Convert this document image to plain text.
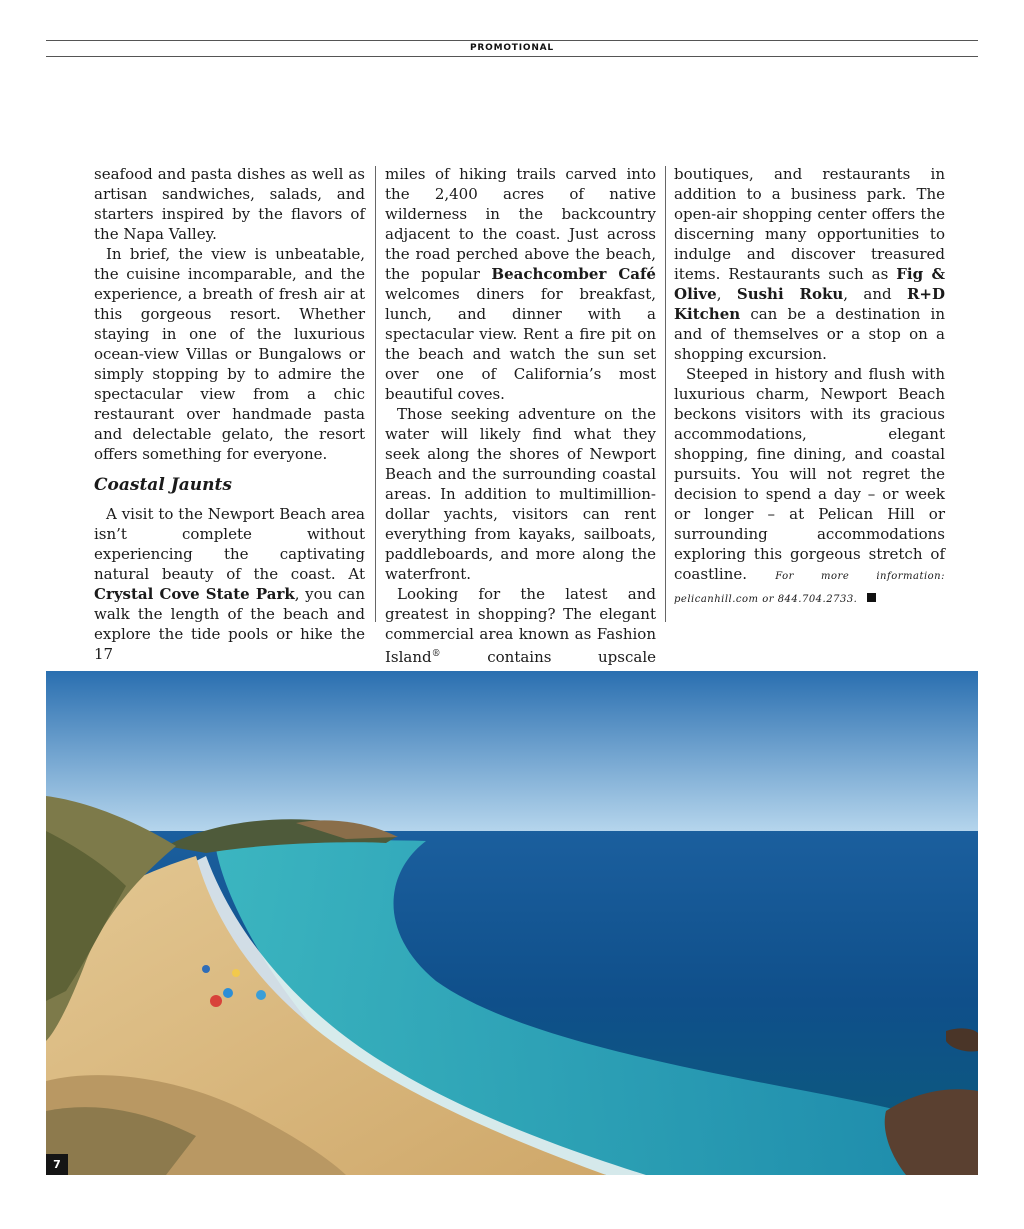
PROMOTIONAL

seafood and pasta dishes as well as artisan sandwiches, salads, and starters inspired by the flavors of the Napa Valley.

In brief, the view is unbeatable, the cuisine incomparable, and the experience, a breath of fresh air at this gorgeous resort. Whether staying in one of the luxurious ocean-view Villas or Bungalows or simply stopping by to admire the spectacular view from a chic restaurant over handmade pasta and delectable gelato, the resort offers something for everyone.

Coastal Jaunts

A visit to the Newport Beach area isn’t complete without experiencing the captivating natural beauty of the coast. At Crystal Cove State Park, you can walk the length of the beach and explore the tide pools or hike the 17

miles of hiking trails carved into the 2,400 acres of native wilderness in the backcountry adjacent to the coast. Just across the road perched above the beach, the popular Beachcomber Café welcomes diners for breakfast, lunch, and dinner with a spectacular view. Rent a fire pit on the beach and watch the sun set over one of California’s most beautiful coves.

Those seeking adventure on the water will likely find what they seek along the shores of Newport Beach and the surrounding coastal areas. In addition to multimillion-dollar yachts, visitors can rent everything from kayaks, sailboats, paddleboards, and more along the waterfront.

Looking for the latest and greatest in shopping? The elegant commercial area known as Fashion Island®	contains upscale

boutiques, and restaurants in addition to a business park. The open-air shopping center offers the discerning many opportunities to indulge and discover treasured items. Restaurants such as Fig & Olive, Sushi Roku, and R+D Kitchen can be a destination in and of themselves or a stop on a shopping excursion.

Steeped in history and flush with luxurious charm, Newport Beach beckons visitors with its gracious accommodations, elegant shopping, fine dining, and coastal pursuits. You will not regret the decision to spend a day – or week or longer – at Pelican Hill or surrounding accommodations exploring this gorgeous stretch of coastline.	For more information: pelicanhill.com or 844.704.2733.

7
